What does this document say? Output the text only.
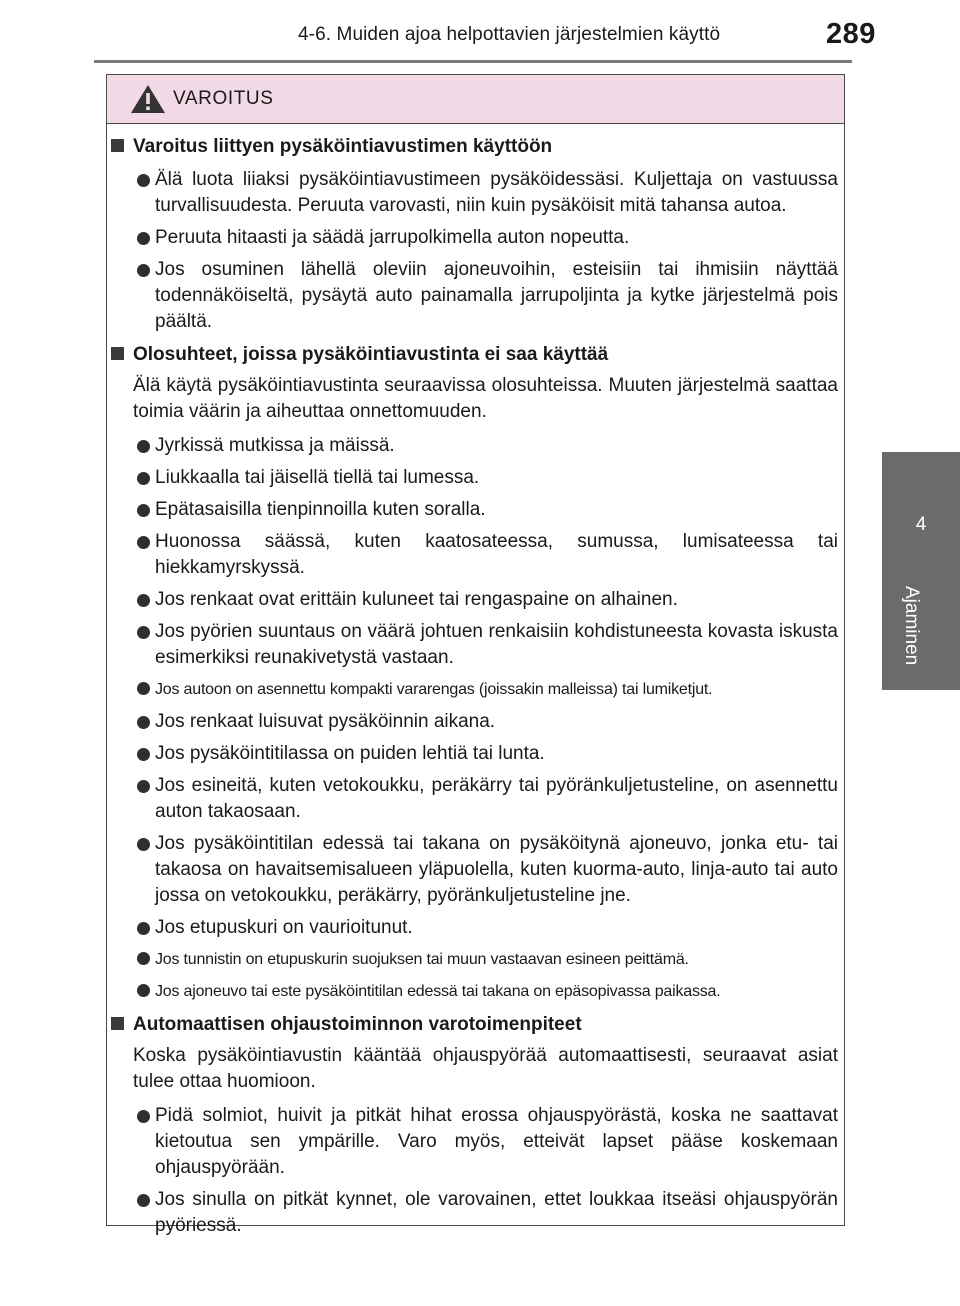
4-6. Muiden ajoa helpottavien järjestelmien käyttö	289
4
Ajaminen
VAROITUS
Varoitus liittyen pysäköintiavustimen käyttöön
Älä luota liiaksi pysäköintiavustimeen pysäköidessäsi. Kuljettaja on vastuussa turvallisuudesta. Peruuta varovasti, niin kuin pysäköisit mitä tahansa autoa.
Peruuta hitaasti ja säädä jarrupolkimella auton nopeutta.
Jos osuminen lähellä oleviin ajoneuvoihin, esteisiin tai ihmisiin näyttää todennäköiseltä, pysäytä auto painamalla jarrupoljinta ja kytke järjestelmä pois päältä.
Olosuhteet, joissa pysäköintiavustinta ei saa käyttää
Älä käytä pysäköintiavustinta seuraavissa olosuhteissa. Muuten järjestelmä saattaa toimia väärin ja aiheuttaa onnettomuuden.
Jyrkissä mutkissa ja mäissä.
Liukkaalla tai jäisellä tiellä tai lumessa.
Epätasaisilla tienpinnoilla kuten soralla.
Huonossa säässä, kuten kaatosateessa, sumussa, lumisateessa tai hiekkamyrskyssä.
Jos renkaat ovat erittäin kuluneet tai rengaspaine on alhainen.
Jos pyörien suuntaus on väärä johtuen renkaisiin kohdistuneesta kovasta iskusta esimerkiksi reunakivetystä vastaan.
Jos autoon on asennettu kompakti vararengas (joissakin malleissa) tai lumiketjut.
Jos renkaat luisuvat pysäköinnin aikana.
Jos pysäköintitilassa on puiden lehtiä tai lunta.
Jos esineitä, kuten vetokoukku, peräkärry tai pyöränkuljetusteline, on asennettu auton takaosaan.
Jos pysäköintitilan edessä tai takana on pysäköitynä ajoneuvo, jonka etu- tai takaosa on havaitsemisalueen yläpuolella, kuten kuorma-auto, linja-auto tai auto jossa on vetokoukku, peräkärry, pyöränkuljetusteline jne.
Jos etupuskuri on vaurioitunut.
Jos tunnistin on etupuskurin suojuksen tai muun vastaavan esineen peittämä.
Jos ajoneuvo tai este pysäköintitilan edessä tai takana on epäsopivassa paikassa.
Automaattisen ohjaustoiminnon varotoimenpiteet
Koska pysäköintiavustin kääntää ohjauspyörää automaattisesti, seuraavat asiat tulee ottaa huomioon.
Pidä solmiot, huivit ja pitkät hihat erossa ohjauspyörästä, koska ne saattavat kietoutua sen ympärille. Varo myös, etteivät lapset pääse koskemaan ohjauspyörään.
Jos sinulla on pitkät kynnet, ole varovainen, ettet loukkaa itseäsi ohjauspyörän pyöriessä.
